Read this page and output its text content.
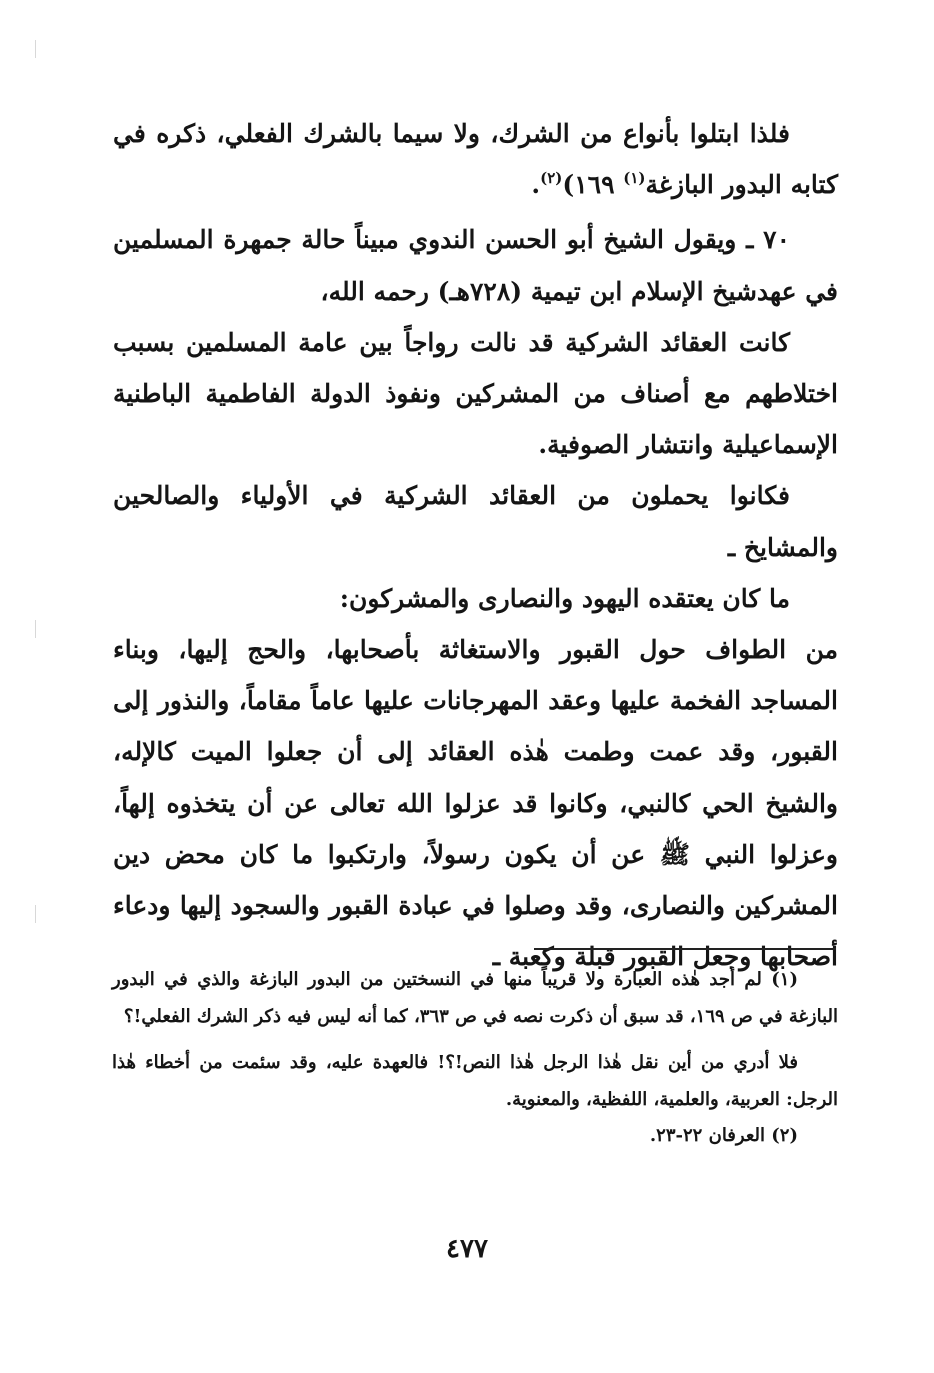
فلذا ابتلوا بأنواع من الشرك، ولا سيما بالشرك الفعلي، ذكره في كتابه البدور البازغة$^{(١)}$ ١٦٩)$^{(٢)}$.

٧٠ ـ ويقول الشيخ أبو الحسن الندوي مبيناً حالة جمهرة المسلمين في عهدشيخ الإسلام ابن تيمية (٧٢٨هـ) رحمه الله،

كانت العقائد الشركية قد نالت رواجاً بين عامة المسلمين بسبب اختلاطهم مع أصناف من المشركين ونفوذ الدولة الفاطمية الباطنية الإسماعيلية وانتشار الصوفية.

فكانوا يحملون من العقائد الشركية في الأولياء والصالحين والمشايخ ـ

ما كان يعتقده اليهود والنصارى والمشركون:

من الطواف حول القبور والاستغاثة بأصحابها، والحج إليها، وبناء المساجد الفخمة عليها وعقد المهرجانات عليها عاماً مقاماً، والنذور إلى القبور، وقد عمت وطمت هٰذه العقائد إلى أن جعلوا الميت كالإله، والشيخ الحي كالنبي، وكانوا قد عزلوا الله تعالى عن أن يتخذوه إلهاً، وعزلوا النبي ﷺ عن أن يكون رسولاً، وارتكبوا ما كان محض دين المشركين والنصارى، وقد وصلوا في عبادة القبور والسجود إليها ودعاء أصحابها وجعل القبور قبلة وكعبة ـ

(١) لم أجد هٰذه العبارة ولا قريباً منها في النسختين من البدور البازغة والذي في البدور البازغة في ص ١٦٩، قد سبق أن ذكرت نصه في ص ٣٦٣، كما أنه ليس فيه ذكر الشرك الفعلي!؟

فلا أدري من أين نقل هٰذا الرجل هٰذا النص!؟! فالعهدة عليه، وقد سئمت من أخطاء هٰذا الرجل: العربية، والعلمية، اللفظية، والمعنوية.

(٢) العرفان ٢٢-٢٣.

٤٧٧
